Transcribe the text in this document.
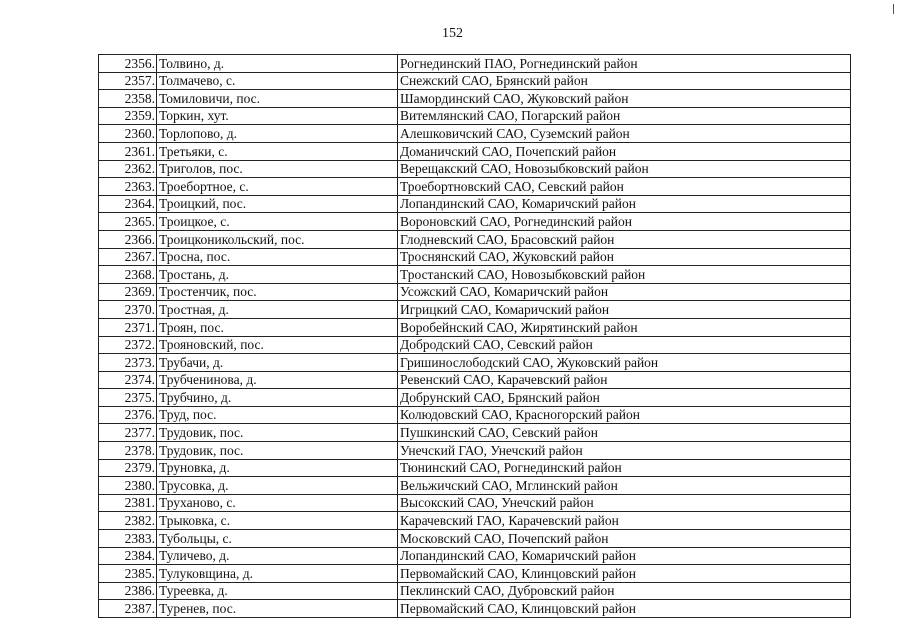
152
2356.	Толвино, д.	Рогнединский ПАО, Рогнединский район
2357.	Толмачево, с.	Снежский САО, Брянский район
2358.	Томиловичи, пос.	Шамординский САО, Жуковский район
2359.	Торкин, хут.	Витемлянский САО, Погарский район
2360.	Торлопово, д.	Алешковичский САО, Суземский район
2361.	Третьяки, с.	Доманичский САО, Почепский район
2362.	Триголов, пос.	Верещакский САО, Новозыбковский район
2363.	Троебортное, с.	Троебортновский САО, Севский район
2364.	Троицкий, пос.	Лопандинский САО, Комаричский район
2365.	Троицкое, с.	Вороновский САО, Рогнединский район
2366.	Троицконикольский, пос.	Глодневский САО, Брасовский район
2367.	Тросна, пос.	Троснянский САО, Жуковский район
2368.	Тростань, д.	Тростанский САО, Новозыбковский район
2369.	Тростенчик, пос.	Усожский САО, Комаричский район
2370.	Тростная, д.	Игрицкий САО, Комаричский район
2371.	Троян, пос.	Воробейнский САО, Жирятинский район
2372.	Трояновский, пос.	Добродский САО, Севский район
2373.	Трубачи, д.	Гришинослободский САО, Жуковский район
2374.	Трубченинова, д.	Ревенский САО, Карачевский район
2375.	Трубчино, д.	Добрунский САО, Брянский район
2376.	Труд, пос.	Колюдовский САО, Красногорский район
2377.	Трудовик, пос.	Пушкинский САО, Севский район
2378.	Трудовик, пос.	Унечский ГАО, Унечский район
2379.	Труновка, д.	Тюнинский САО, Рогнединский район
2380.	Трусовка, д.	Вельжичский САО, Мглинский район
2381.	Труханово, с.	Высокский САО, Унечский район
2382.	Трыковка, с.	Карачевский ГАО, Карачевский район
2383.	Тубольцы, с.	Московский САО, Почепский район
2384.	Туличево, д.	Лопандинский САО, Комаричский район
2385.	Тулуковщина, д.	Первомайский САО, Клинцовский район
2386.	Туреевка, д.	Пеклинский САО, Дубровский район
2387.	Туренев, пос.	Первомайский САО, Клинцовский район
